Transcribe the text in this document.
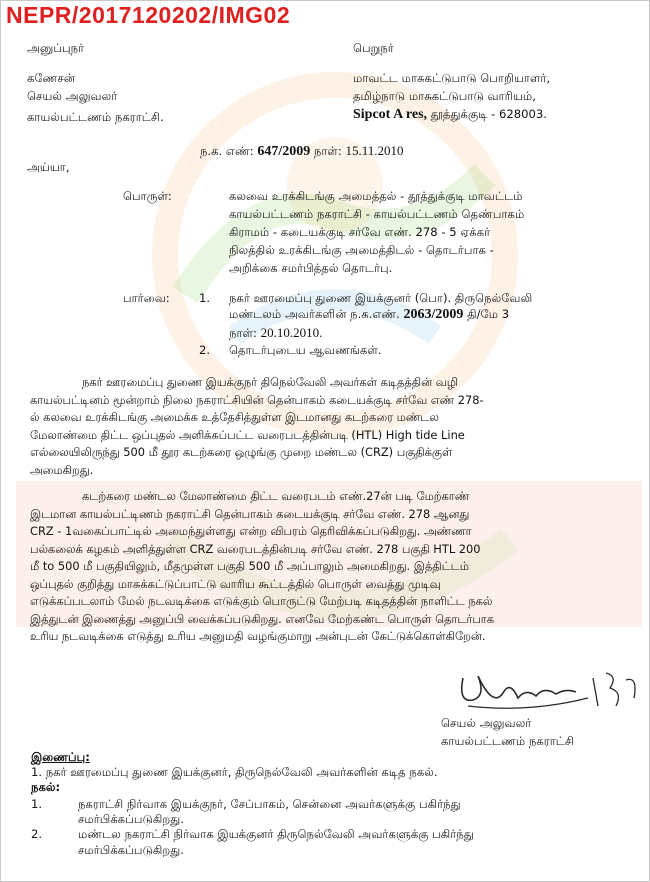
NEPR/2017120202/IMG02
அனுப்புநர்	பெறுநர்
கணேசன்
செயல் அலுவலர்
காயல்பட்டணம் நகராட்சி.
மாவட்ட மாசுகட்டுபாடு பொறியாளர்,
தமிழ்நாடு மாசுகட்டுபாடு வாரியம்,
Sipcot A res, தூத்துக்குடி - 628003.
ந.க. எண்: 647/2009 நாள்: 15.11.2010
அய்யா,
பொருள்:	கலவை உரக்கிடங்கு அமைத்தல் - தூத்துக்குடி மாவட்டம்
காயல்பட்டணம் நகராட்சி - காயல்பட்டணம் தெண்பாகம்
கிராமம் - கடையக்குடி சர்வே எண். 278 - 5 ஏக்கர்
நிலத்தில் உரக்கிடங்கு அமைத்திடல் - தொடர்பாக -
அறிக்கை சமர்பித்தல் தொடர்பு.
பார்வை:	1. நகர் ஊரமைப்பு துணை இயக்குனர் (பொ). திருநெல்வேலி
மண்டலம் அவர்களின் ந.க.எண். 2063/2009 தி/மே 3
நாள்: 20.10.2010.
2. தொடர்புடைய ஆவணங்கள்.
நகர் ஊரமைப்பு துணை இயக்குநர் திநெல்வேலி அவர்கள் கடிதத்தின் வழி
காயல்பட்டினம் மூன்றாம் நிலை நகராட்சியின் தென்பாகம் கடையக்குடி சர்வே எண் 278-
ல் கலவை உரக்கிடங்கு அமைக்க உத்தேசித்துள்ள இடமானது கடற்கரை மண்டல
மேலாண்மை திட்ட ஒப்புதல் அளிக்கப்பட்ட வரைபடத்தின்படி (HTL) High tide Line
எல்லையிலிருந்து 500 மீ தூர கடற்கரை ஒழுங்கு முறை மண்டல (CRZ) பகுதிக்குள்
அமைகிறது.
கடற்கரை மண்டல மேலாண்மை திட்ட வரைபடம் எண்.27ன் படி மேற்காண்
இடமான காயல்பட்டிணம் நகராட்சி தென்பாகம் கடையக்குடி சர்வே எண். 278 ஆனது
CRZ - 1வகைப்பாட்டில் அமைந்துள்ளது என்ற விபரம் தெரிவிக்கப்படுகிறது. அண்ணா
பல்கலைக் கழகம் அளித்துள்ள CRZ வரைபடத்தின்படி சர்வே எண். 278 பகுதி HTL 200
மீ to 500 மீ பகுதியிலும், மீதமுள்ள பகுதி 500 மீ அப்பாலும் அமைகிறது. இத்திட்டம்
ஒப்புதல் குறித்து மாசுக்கட்டுப்பாட்டு வாரிய கூட்டத்தில் பொருள் வைத்து முடிவு
எடுக்கப்படலாம் மேல் நடவடிக்கை எடுக்கும் பொருட்டு மேற்படி கடிதத்தின் நாளிட்ட நகல்
இத்துடன் இணைத்து அனுப்பி வைக்கப்படுகிறது. எனவே மேற்கண்ட பொருள் தொடர்பாக
உரிய நடவடிக்கை எடுத்து உரிய அனுமதி வழங்குமாறு அன்புடன் கேட்டுக்கொள்கிறேன்.
செயல் அலுவலர்
காயல்பட்டணம் நகராட்சி
இணைப்பு:
1. நகர் ஊரமைப்பு துணை இயக்குனர், திருநெல்வேலி அவர்களின் கடித நகல்.
நகல்:
1.	நகராட்சி நிர்வாக இயக்குநர், சேப்பாகம், சென்னை அவர்களுக்கு பகிர்ந்து
சமர்பிக்கப்படுகிறது.
2.	மண்டல நகராட்சி நிர்வாக இயக்குனர் திருநெல்வேலி அவர்களுக்கு பகிர்ந்து
சமர்பிக்கப்படுகிறது.
